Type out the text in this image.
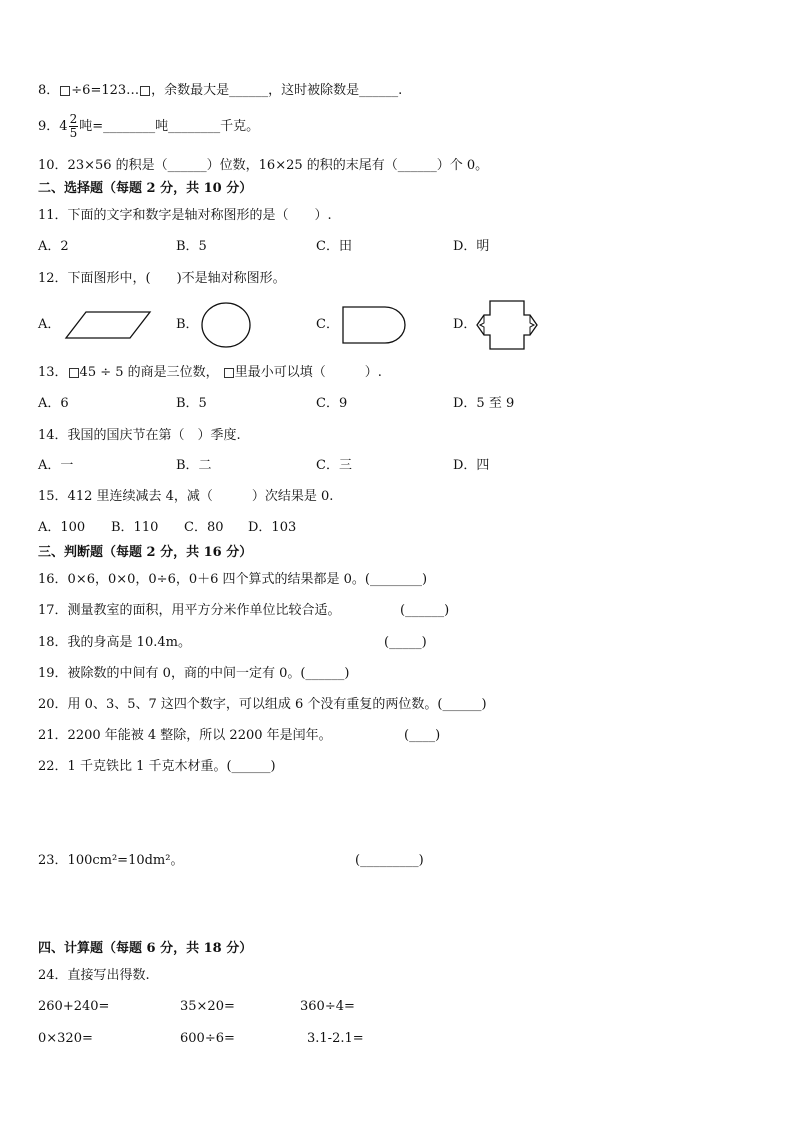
8． ÷6=123… ，余数最大是______，这时被除数是______.
9．$4 \frac{2}{5}$ 吨=________吨________千克。
10．23×56 的积是（______）位数，16×25 的积的末尾有（______）个 0。
二、选择题（每题 2 分，共 10 分）
11．下面的文字和数字是轴对称图形的是（　　）.
A．2	B．5	C．田	D．明
12．下面图形中，(　　)不是轴对称图形。
A．	B．	C．	D．
13． 45 ÷ 5 的商是三位数， 里最小可以填（　　　）.
A．6	B．5	C．9	D．5 至 9
14．我国的国庆节在第（　）季度.
A．一	B．二	C．三	D．四
15．412 里连续减去 4，减（　　　）次结果是 0.
A．100 B．110 C．80 D．103
三、判断题（每题 2 分，共 16 分）
16．0×6，0×0，0÷6，0＋6 四个算式的结果都是 0。(________)
17．测量教室的面积，用平方分米作单位比较合适。	(______)
18．我的身高是 10.4m。	(_____)
19．被除数的中间有 0，商的中间一定有 0。(______)
20．用 0、3、5、7 这四个数字，可以组成 6 个没有重复的两位数。(______)
21．2200 年能被 4 整除，所以 2200 年是闰年。	(____)
22．1 千克铁比 1 千克木材重。(______)
23．100cm²=10dm²。	(_________)
四、计算题（每题 6 分，共 18 分）
24．直接写出得数.
260+240=	35×20=	360÷4=
0×320=	600÷6=	3.1-2.1=
